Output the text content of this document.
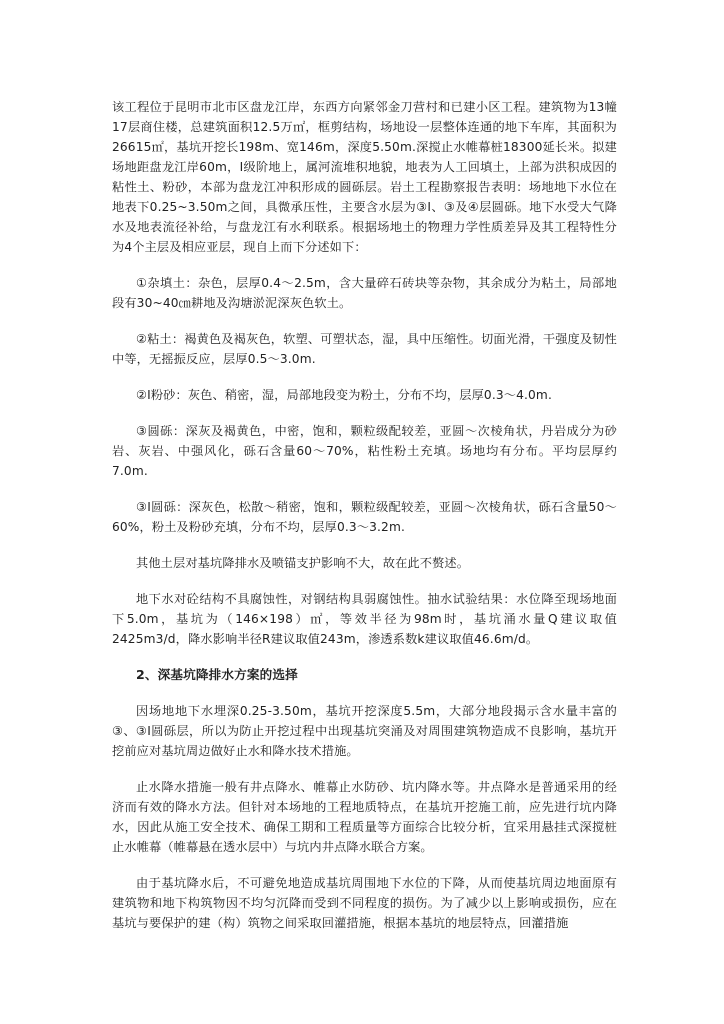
该工程位于昆明市北市区盘龙江岸，东西方向紧邻金刀营村和已建小区工程。建筑物为13幢17层商住楼，总建筑面积12.5万㎡，框剪结构，场地设一层整体连通的地下车库，其面积为26615㎡，基坑开挖长198m、宽146m，深度5.50m.深搅止水帷幕桩18300延长米。拟建场地距盘龙江岸60m，Ⅰ级阶地上，属河流堆积地貌，地表为人工回填土，上部为洪积成因的粘性土、粉砂，本部为盘龙江冲积形成的圆砾层。岩土工程勘察报告表明：场地地下水位在地表下0.25~3.50m之间，具微承压性，主要含水层为③Ⅰ、③及④层圆砾。地下水受大气降水及地表流径补给，与盘龙江有水利联系。根据场地土的物理力学性质差异及其工程特性分为4个主层及相应亚层，现自上而下分述如下：

①杂填土：杂色，层厚0.4～2.5m，含大量碎石砖块等杂物，其余成分为粘土，局部地段有30~40㎝耕地及沟塘淤泥深灰色软土。

②粘土：褐黄色及褐灰色，软塑、可塑状态，湿，具中压缩性。切面光滑，干强度及韧性中等，无摇振反应，层厚0.5～3.0m.

②Ⅰ粉砂：灰色、稍密，湿，局部地段变为粉土，分布不均，层厚0.3～4.0m.

③圆砾：深灰及褐黄色，中密，饱和，颗粒级配较差，亚圆～次棱角状，丹岩成分为砂岩、灰岩、中强风化，砾石含量60～70%，粘性粉土充填。场地均有分布。平均层厚约7.0m.

③Ⅰ圆砾：深灰色，松散～稍密，饱和，颗粒级配较差，亚圆～次棱角状，砾石含量50～60%，粉土及粉砂充填，分布不均，层厚0.3～3.2m.

其他土层对基坑降排水及喷锚支护影响不大，故在此不赘述。

地下水对砼结构不具腐蚀性，对钢结构具弱腐蚀性。抽水试验结果：水位降至现场地面下5.0m，基坑为（146×198）㎡，等效半径为98m时，基坑涌水量Q建议取值2425m3/d，降水影响半径R建议取值243m，渗透系数k建议取值46.6m/d。

2、深基坑降排水方案的选择

因场地地下水埋深0.25-3.50m，基坑开挖深度5.5m，大部分地段揭示含水量丰富的③、③Ⅰ圆砾层，所以为防止开挖过程中出现基坑突涌及对周围建筑物造成不良影响，基坑开挖前应对基坑周边做好止水和降水技术措施。

止水降水措施一般有井点降水、帷幕止水防砂、坑内降水等。井点降水是普通采用的经济而有效的降水方法。但针对本场地的工程地质特点，在基坑开挖施工前，应先进行坑内降水，因此从施工安全技术、确保工期和工程质量等方面综合比较分析，宜采用悬挂式深搅桩止水帷幕（帷幕悬在透水层中）与坑内井点降水联合方案。

由于基坑降水后，不可避免地造成基坑周围地下水位的下降，从而使基坑周边地面原有建筑物和地下构筑物因不均匀沉降而受到不同程度的损伤。为了减少以上影响或损伤，应在基坑与要保护的建（构）筑物之间采取回灌措施，根据本基坑的地层特点，回灌措施
